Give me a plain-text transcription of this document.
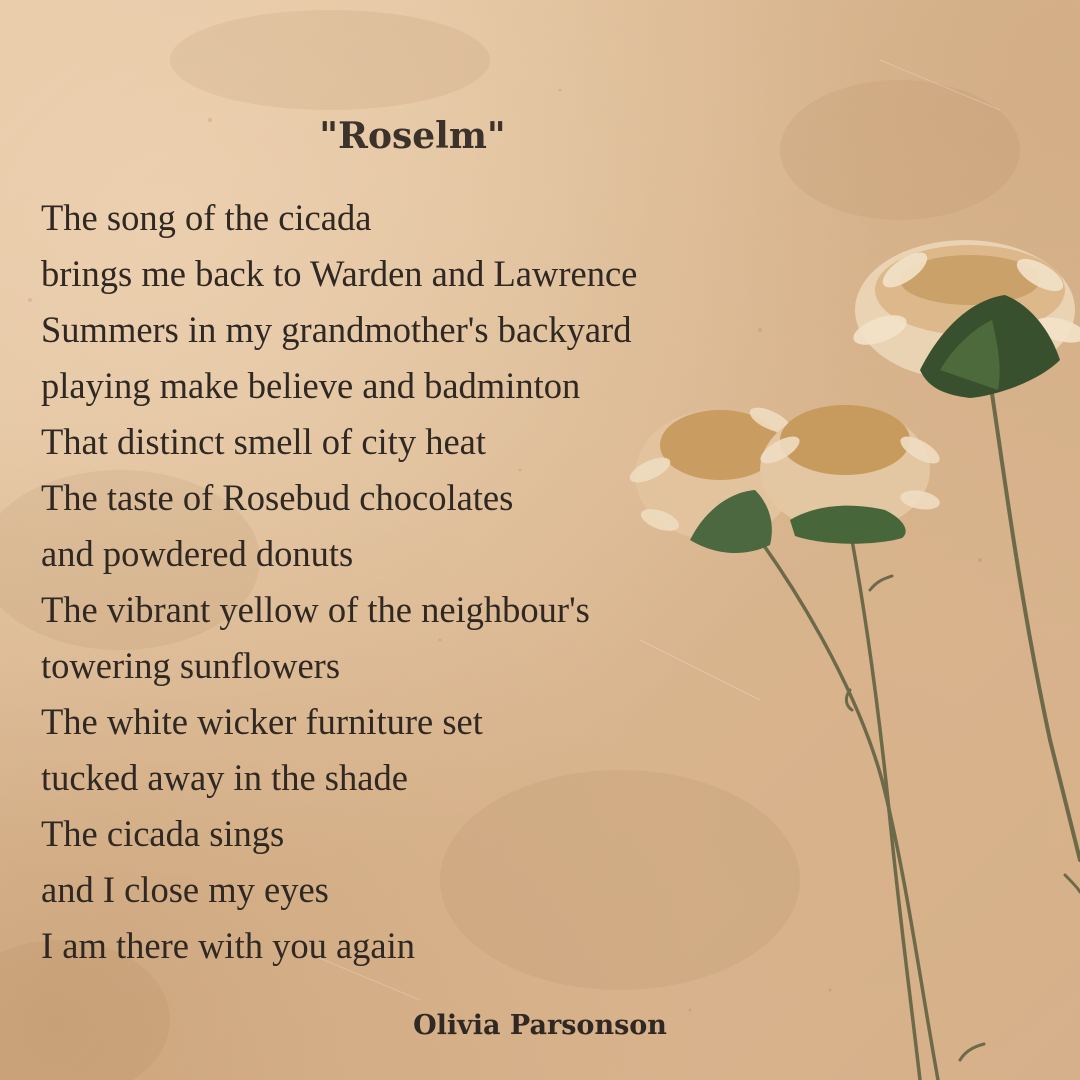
"Roselm"
The song of the cicada
brings me back to Warden and Lawrence
Summers in my grandmother's backyard
playing make believe and badminton
That distinct smell of city heat
The taste of Rosebud chocolates
and powdered donuts
The vibrant yellow of the neighbour's
towering sunflowers
The white wicker furniture set
tucked away in the shade
The cicada sings
and I close my eyes
I am there with you again

Olivia Parsonson
